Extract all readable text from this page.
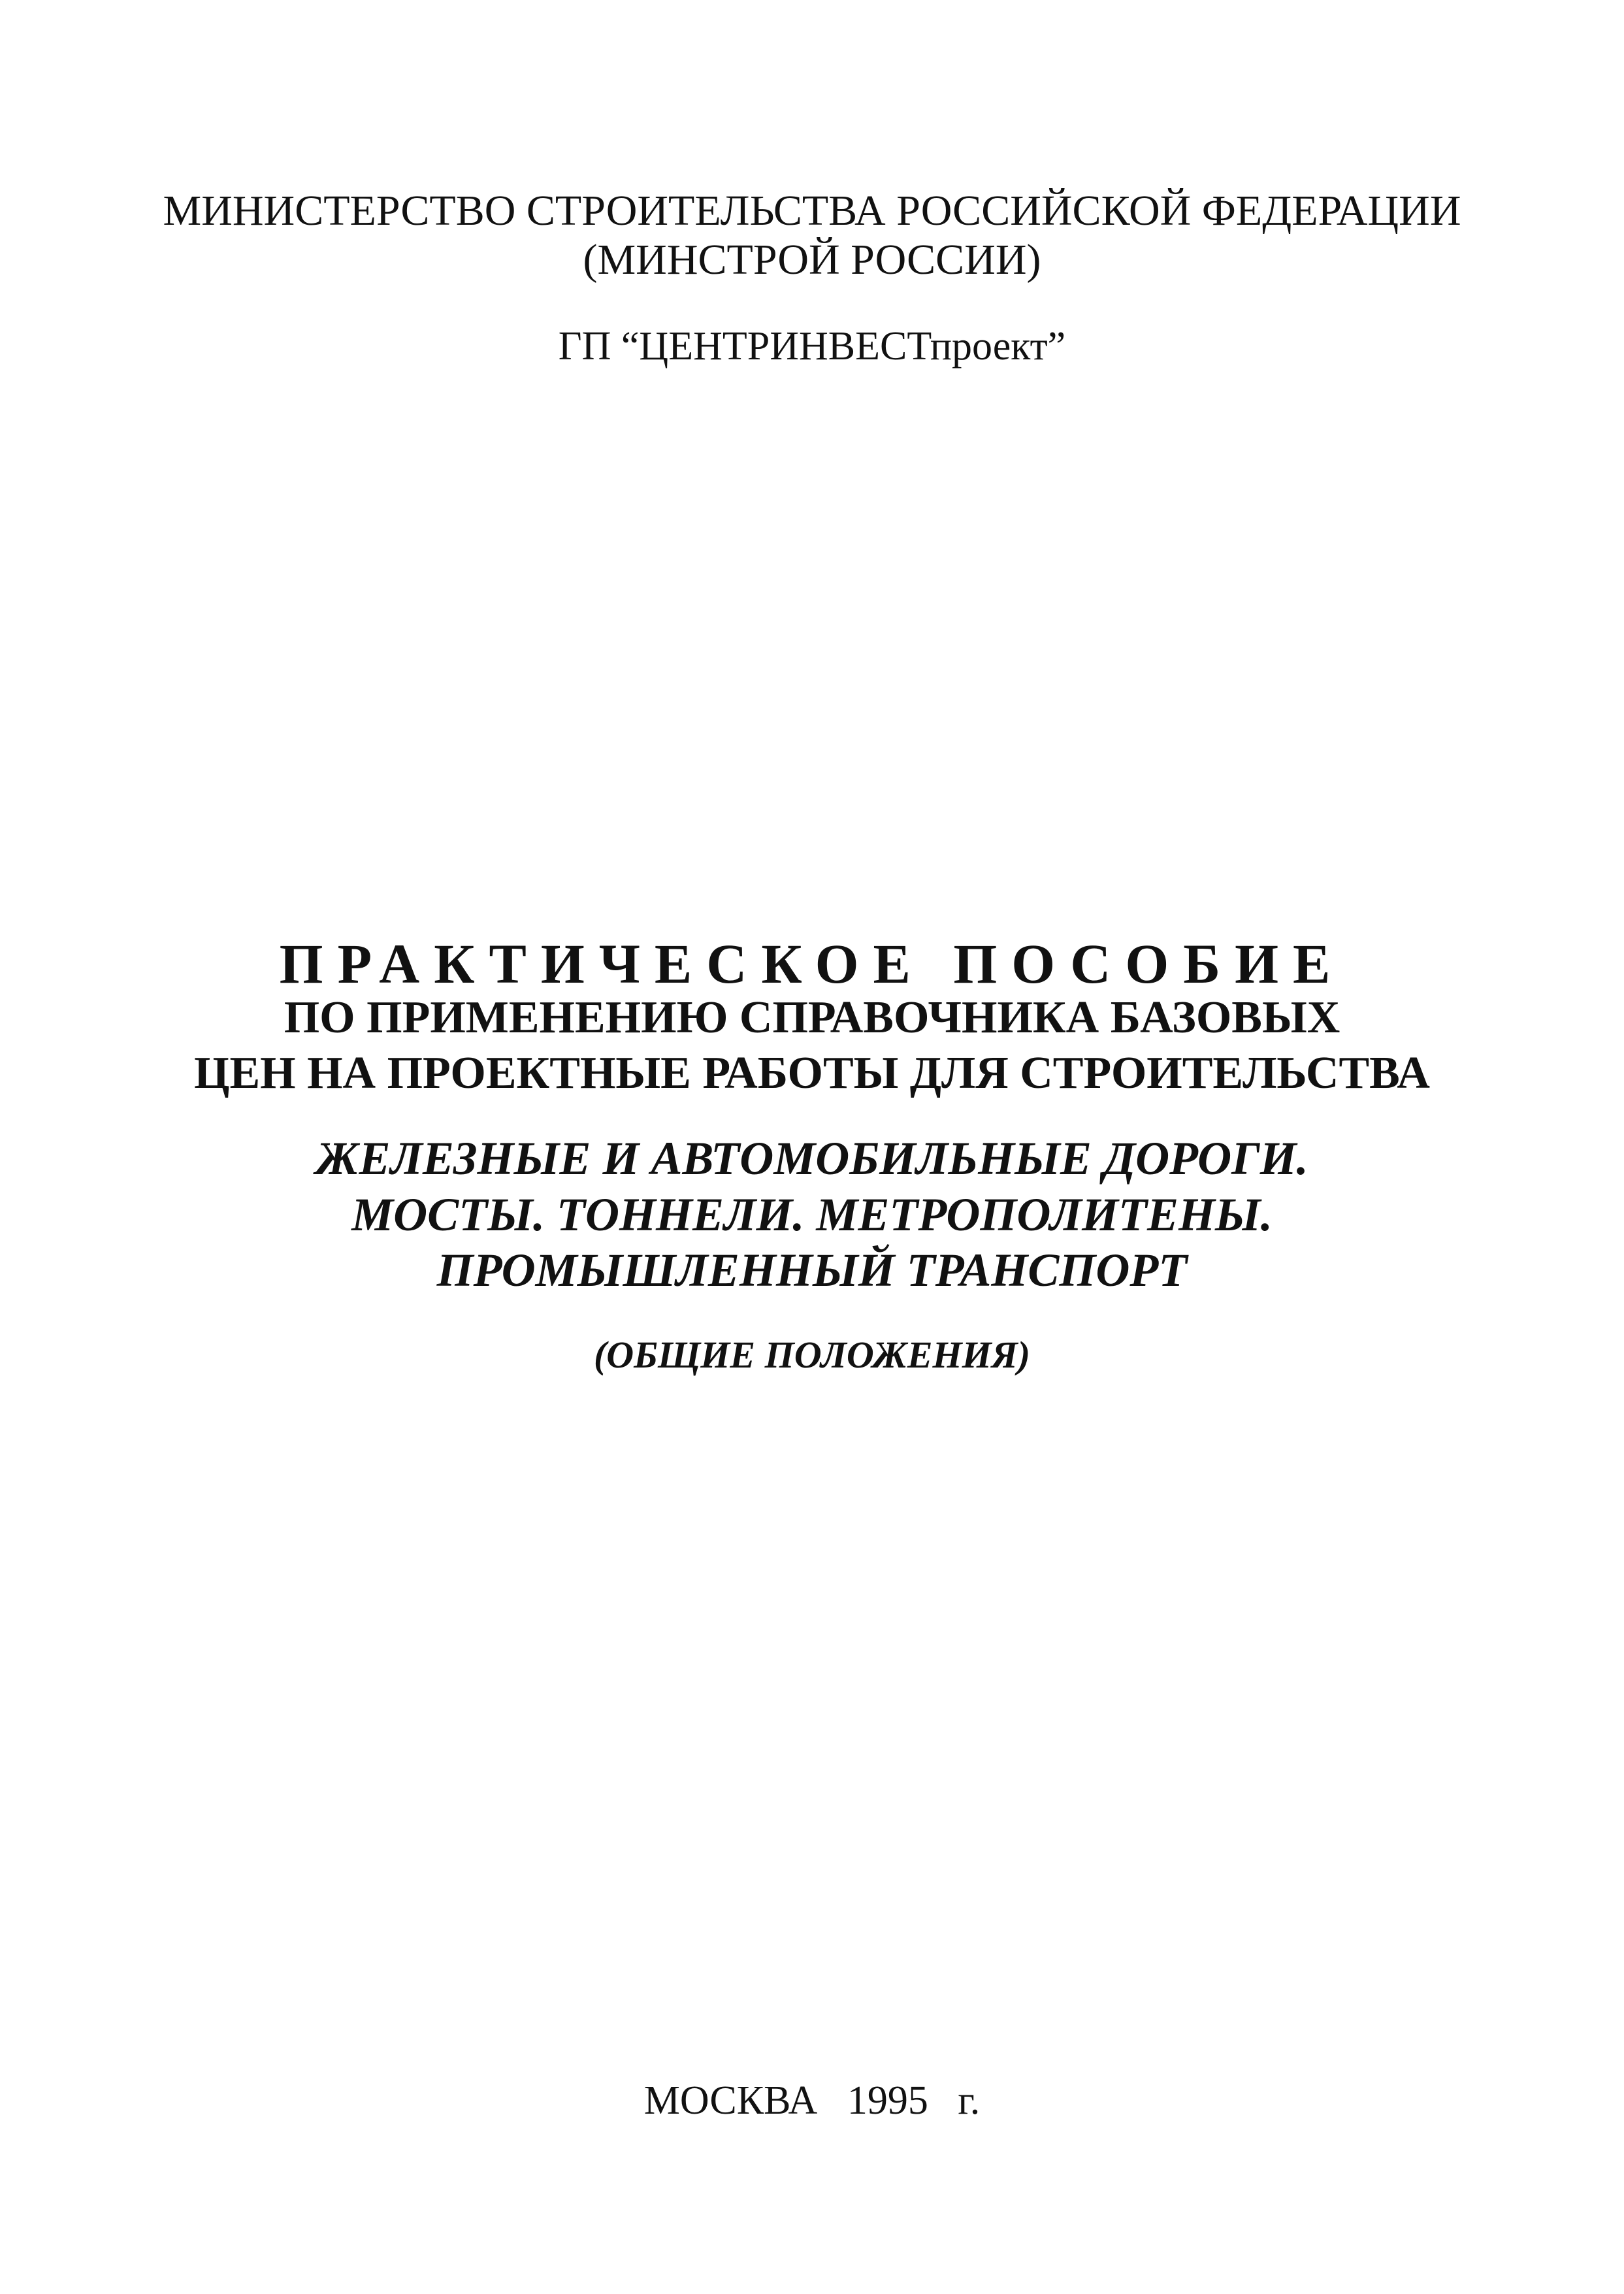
МИНИСТЕРСТВО СТРОИТЕЛЬСТВА РОССИЙСКОЙ ФЕДЕРАЦИИ
(МИНСТРОЙ РОССИИ)
ГП “ЦЕНТРИНВЕСТпроект”
ПРАКТИЧЕСКОЕ ПОСОБИЕ
ПО ПРИМЕНЕНИЮ СПРАВОЧНИКА БАЗОВЫХ
ЦЕН НА ПРОЕКТНЫЕ РАБОТЫ ДЛЯ СТРОИТЕЛЬСТВА
ЖЕЛЕЗНЫЕ И АВТОМОБИЛЬНЫЕ ДОРОГИ.
МОСТЫ. ТОННЕЛИ. МЕТРОПОЛИТЕНЫ.
ПРОМЫШЛЕННЫЙ ТРАНСПОРТ
(ОБЩИЕ ПОЛОЖЕНИЯ)
МОСКВА 1995 г.
